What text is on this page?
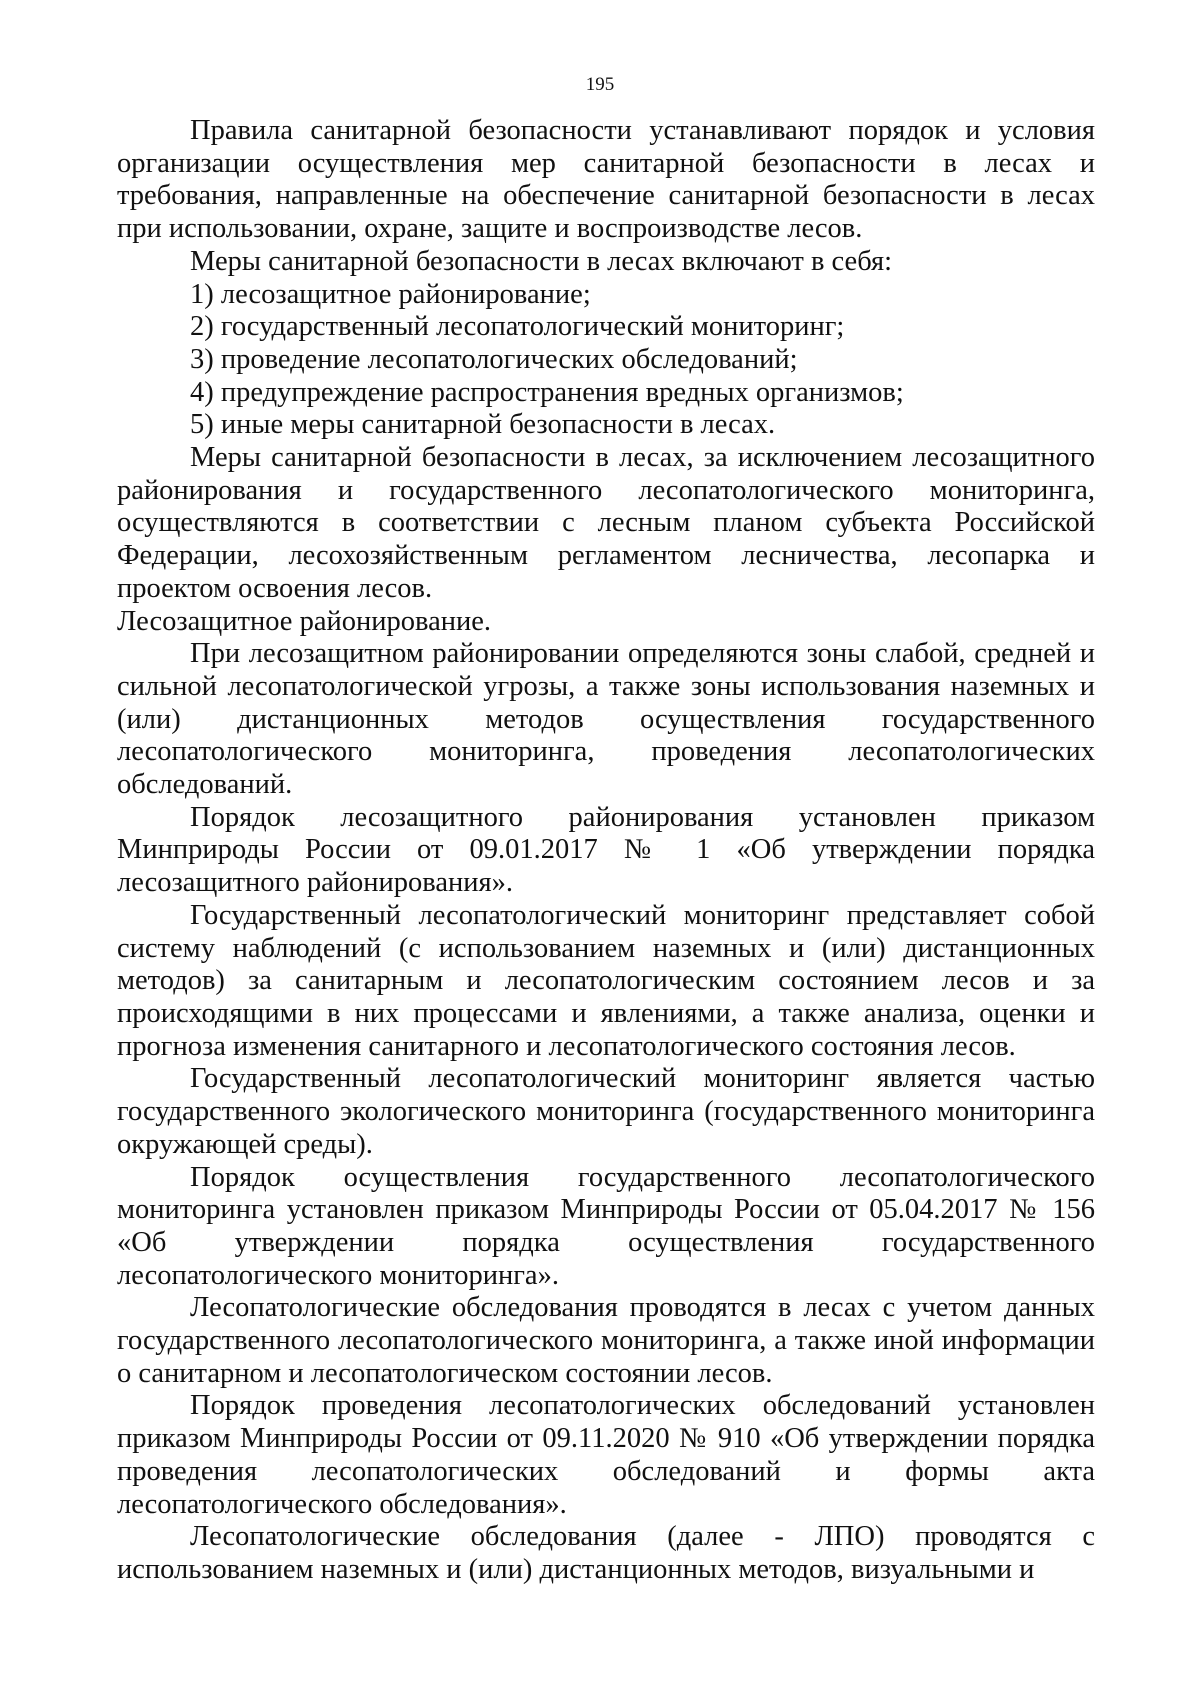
195

Правила санитарной безопасности устанавливают порядок и условия организации осуществления мер санитарной безопасности в лесах и требования, направленные на обеспечение санитарной безопасности в лесах при использовании, охране, защите и воспроизводстве лесов.

Меры санитарной безопасности в лесах включают в себя:

1) лесозащитное районирование;

2) государственный лесопатологический мониторинг;

3) проведение лесопатологических обследований;

4) предупреждение распространения вредных организмов;

5) иные меры санитарной безопасности в лесах.

Меры санитарной безопасности в лесах, за исключением лесозащитного районирования и государственного лесопатологического мониторинга, осуществляются в соответствии с лесным планом субъекта Российской Федерации, лесохозяйственным регламентом лесничества, лесопарка и проектом освоения лесов.

Лесозащитное районирование.

При лесозащитном районировании определяются зоны слабой, средней и сильной лесопатологической угрозы, а также зоны использования наземных и (или) дистанционных методов осуществления государственного лесопатологического мониторинга, проведения лесопатологических обследований.

Порядок лесозащитного районирования установлен приказом Минприроды России от 09.01.2017 № 1 «Об утверждении порядка лесозащитного районирования».

Государственный лесопатологический мониторинг представляет собой систему наблюдений (с использованием наземных и (или) дистанционных методов) за санитарным и лесопатологическим состоянием лесов и за происходящими в них процессами и явлениями, а также анализа, оценки и прогноза изменения санитарного и лесопатологического состояния лесов.

Государственный лесопатологический мониторинг является частью государственного экологического мониторинга (государственного мониторинга окружающей среды).

Порядок осуществления государственного лесопатологического мониторинга установлен приказом Минприроды России от 05.04.2017 № 156 «Об утверждении порядка осуществления государственного лесопатологического мониторинга».

Лесопатологические обследования проводятся в лесах с учетом данных государственного лесопатологического мониторинга, а также иной информации о санитарном и лесопатологическом состоянии лесов.

Порядок проведения лесопатологических обследований установлен приказом Минприроды России от 09.11.2020 № 910 «Об утверждении порядка проведения лесопатологических обследований и формы акта лесопатологического обследования».

Лесопатологические обследования (далее - ЛПО) проводятся с использованием наземных и (или) дистанционных методов, визуальными и
